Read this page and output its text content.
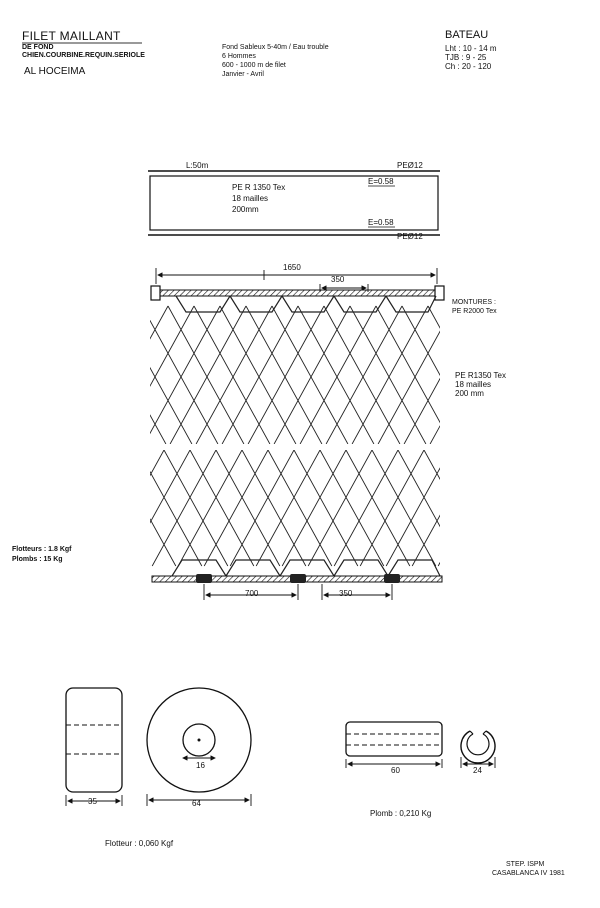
FILET MAILLANT
DE FOND
CHIEN.COURBINE.REQUIN.SERIOLE
AL HOCEIMA
Fond Sableux 5-40m / Eau trouble
6 Hommes
600 - 1000 m de filet
Janvier - Avril
BATEAU
Lht : 10 - 14 m
TJB : 9 - 25
Ch : 20 - 120
L:50m	PEØ12
PE R 1350 Tex
18 mailles
200mm
E=0.58
E=0.58
PEØ12
1650
350
MONTURES :
PE R2000 Tex
PE R1350 Tex
18 mailles
200 mm
700	350
Flotteurs : 1.8 Kgf
Plombs : 15 Kg
35	64
16
Flotteur : 0,060 Kgf
60	24
Plomb : 0,210 Kg
STEP. ISPM
CASABLANCA IV 1981
